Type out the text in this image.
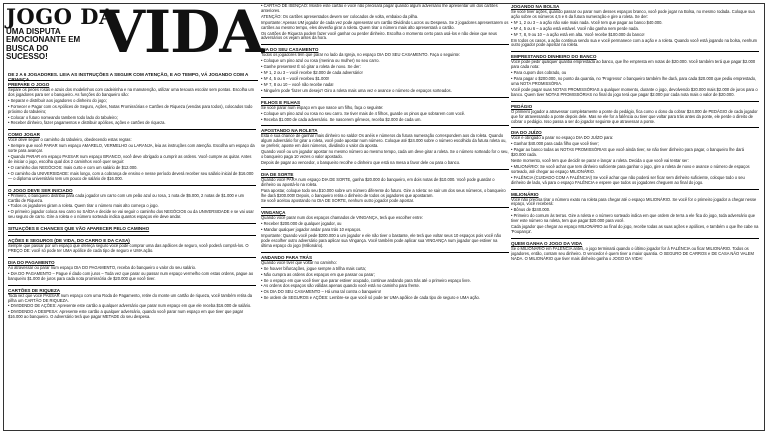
JOGO DA
UMA DISPUTA EMOCIONANTE EM BUSCA DO SUCESSO! VIDA
DE 2 A 6 JOGADORES. LEIA AS INSTRUÇÕES A SEGUIR COM ATENÇÃO, E AO TEMPO, VÁ JOGANDO COM A
PREPARE O JOGO
Separe os peões rosas e azuis dos modelinhos com cadeirinha e na manutenção, utilizar uma tesoura escolar sem pontas. Escolha um dos jogadores para ser o banqueiro. As funções do banqueiro são:
• Separar e distribuir aos jogadores o dinheiro do jogo;
• Fornecer e Pagar com os Apólices de Seguro, Ações, Notas Promissórias e Cartões de Riqueza (vendas para todos), colocados todo próximo do tabuleiro;
• Colocar o futuro nomeando tambem todo lado do tabuleiro;
• Receber dinheiro, fazer pagamentos e distribuir apólices, ações e cartões de riqueza.
COMO JOGAR
Você deve seguir o caminho do tabuleiro, obedecendo estas regras:
• Sempre que você PARAR num espaço AMARELO, VERMELHO ou LARANJA, leia as instruções com atenção. Escolha um espaço da sorte para avançar.
• Quando PARAR em espaço PASSAR num espaço BRANCO, você deve obrigado a cumprir as ordens. Você cumpre as quitar. Antes de iniciar o jogo, escolha qual dos 2 caminhos você quer seguir:
• O caminho dos NEGÓCIOS: mais curto e com um salário de $12.000.
• O caminho da UNIVERSIDADE: mais longo, com a cobrança de ensino e nesse período deverá receber seu salário inicial de $16.000 — o diploma universitário tem um pouco de salário de $16.000.
O JOGO DEVE SER INICIADO
• Primeiro, o banqueiro distribui para cada jogador um carro com um peão azul ou rosa, 1 nota de $5.000, 2 notas de $1.000 e um Cartão de Riqueza.
• Todos os jogadores giram a roleta. Quem tirar o número mais alto começa o jogo.
• O primeiro jogador coloca seu carro no SAÍDA e decide se vai seguir o caminho dos NEGÓCIOS ou da UNIVERSIDADE e se vai usar seu seguro de carro. Gire a roleta e o número sorteado indica quantos espaços ele deve andar.
SITUAÇÕES E CHANCES QUE VÃO APARECER PELO CAMINHO
AÇÕES E SEGUROS (DE VIDA, DO CARRO E DA CASA)
Sempre que passar por um espaço que ofereça seguro você pode comprar uma das apólices de seguro, você poderá comprá-los. O PREÇO DE: você só pode ter UMA apólice de cada tipo de seguro e UMA ação.
DIA DO PAGAMENTO
Ao atravessar ou parar num espaço DIA DO PAGAMENTO, receba do banqueiro o valor do seu salário.
• DIA DO PAGAMENTO – Pague é dado com juros – Toda vez que parar ou passar num espaço vermelho com estas ordens, pague ao banqueiro $1.000 de juros para cada nota promissória de $20.000 que você tiver.
CARTÕES DE RIQUEZA
Toda vez que você PASSAR num espaço com uma Roda de Pagamento, retire do monte um cartão de riqueza, você também retira da pilha um CARTÃO DE RIQUEZA.
• DIVIDENDO DE AÇÕES: Apresente este cartão a qualquer adversário que parar num espaço em que ele receba $16.000 de salário.
• DIVIDENDO A DESPESA: Apresente este cartão a qualquer adversário, quando você parar num espaço em que tiver que pagar $16.000 ao banqueiro. O adversário terá que pagar METADE do seu despesa.
• CARTÃO DE ISENÇÃO: Mostre este cartão e você não precisará pagar quando algum adversário lhe apresentar um dos cartões anteriores.
ATENÇÃO: Os cartões apresentados devem ser colocados de volta, embaixo da pilha.
Importante: Apenas UM jogador de cada vez pode apresentar um cartão Dividindo Lucros ou Despesa. Se 2 jogadores apresentarem os cartões ao mesmo tempo, eles deverão girar a roleta. Quem tirar o número mais alto apresentará o cartão.
Os cartões de Riqueza podem fazer você ganhar ou perder dinheiro. Escolha o momento certo para usá-los e não deixe que seus adversários os vejam antes da hora.
DIA DO SEU CASAMENTO
Todos os jogadores têm que parar no lado da Igreja, no espaço DIA DO SEU CASAMENTO. Faça o seguinte:
• Coloque um pino azul ou rosa (menina ou mulher) no seu carro.
• Ganhe presentes! É só girar a roleta de novo. Se der:
• Nº 1, 2 ou 3 – você recebe $2.000 de cada adversário!
• Nº 4, 5 ou 6 – você recebeu $1.000!
• Nº 7, 8 ou 10 – você não recebe nada!
• Ninguém pode 'fazer um desejo'! Giro a roleta mais uma vez e avance o número de espaços sorteados.
FILHOS E FILHAS
Se você parar num espaço em que nasce um filho, faça o seguinte:
• Coloque um pino azul ou rosa no seu carro. Se tiver mais de 4 filhos, guarde os pinos que sobrarem com você.
• Receba $1.000 de cada adversário. Se nascerem gêmeos, receba $2.000 de cada um.
APOSTANDO NA ROLETA
Esta é sua chance de ganhar mais dinheiro no saldo! Os anéis e números da futura numeração correspondem aos da roleta. Quando algum adversário for girar a roleta, você pode apostar num número. Coloque até $24.000 sobre o número escolhido da futura roleta ou, se preferir, aposte em dois números, dividindo o valor da aposta.
Quando você ou um jogador apostar no mesmo número ao mesmo tempo, cada um deve girar a roleta. Se o número sorteado for o seu, o banqueiro paga 10 vezes o valor apostado.
Depois de pagar ao vencedor, o banqueiro recolhe o dinheiro que está na mesa a favor dele ou para o banco.
DIA DE SORTE
Quando você PARA num espaço DIA DE SORTE, ganha $20.000 do banqueiro, em dois notas de $10.000. Você pode guardar o dinheiro ou apostá-lo na roleta.
Para apostar, coloque todo seu $10.000 sobre um número diferente do futuro. Gire a roleta: se sair um dos seus números, o banqueiro lhe dará $200.000! Depois, o banqueiro retira o dinheiro de todos os jogadores que apostaram.
Se você aceitou apostando no DIA DE SORTE, nenhum outro jogador pode apostar.
VINGANÇA
Quando você parar num dos espaços chamados de VINGANÇA, terá que escolher entre:
• Receber $200.000 de qualquer jogador, ou
• Mandar qualquer jogador andar para trás 10 espaços.
Importante: Quando você pede $200.000 a um jogador e ele não tiver o bastante, ele terá que voltar seus 10 espaços pois você não pode escolher outro adversário para aplicar sua Vingança. Você também pode aplicar sua VINGANÇA num jogador que estiver na última espaço do jogo (Milionário).
ANDANDO PARA TRÁS
Quando você tiver que voltar no caminho:
• Se houver bifurcações, jogue sempre a trilha mais curta;
• Não cumpra as ordens dos espaços em que passar ou parar;
• Se o espaço em que você tiver que parar estiver ocupado, continue andando para trás até o primeiro espaço livre.
• As ordens dos espaços são válidas apenas quando você está no caminho para frente.
• Os DIA DO SEU CASAMENTO – Há uma tal contra o banqueiro!
• Se ordem de SEGUROS e AÇÕES: Lembre-se que você só pode ter UMA apólice de cada tipo de seguro e UMA ação.
JOGANDO NA BOLSA
Se você tiver ações, quando passar ou parar num desses espaços branco, você pode jogar na Bolsa, no mesmo rodada. Coloque sua ação sobre os números 4,5 e 6 da futura numeração e gire a roleta. Se der:
• Nº 1, 2 ou 3 – a ação não vale mais nada. Você tem que pagar ao banco $40.000.
• Nº 4, 5 ou 6 – a ação está estável. Você não ganha nem perde nada.
• Nº 7, 8, 9 ou 10 – a ação está em alta. Você recebe $100.000 do banco!
Em todos os casos, a ação continua sendo sua e você permanece com a ação e a roleta. Quando você está jogando na bolsa, nenhum outro jogador pode apostar na roleta.
EMPRESTANDO DINHEIRO DO BANCO
Você pode pedir qualquer quantia emprestada ao banco, que lhe empresta em notas de $20.000. Você também terá que pagar $2.000 para cada nota:
• Para cupom dos cobrado, ou
• Para pagar o $200.000, no ponto da quantia, no 'Progresso' o banqueiro também lhe dará, para cada $20.000 que pediu emprestado, uma NOTA PROMISSÓRIA.
Você pode pagar suas NOTAS PROMISSÓRIAS a qualquer momento, durante o jogo, devolvendo $20.000 mais $2.000 de juros para o banco. Quem tiver NOTAS PROMISSÓRIAS no final do jogo terá que pagar $2.000 por cada nota mais o valor de $20.000.
PEDÁGIO
O primeiro jogador a atravessar completamente a ponte do pedágio, fica como o dono da cobrar $24.000 de PEDÁGIO de cada jogador que for atravessando a ponte depois dele. Mas se ele for a falência ou tiver que voltar para trás antes da ponte, ele perde o direito de cobrar o pedágio. Isso passa a ser do jogador seguinte que atravessar a ponte.
DIA DO JUÍZO
Você é obrigado a parar no espaço DIA DO JUÍZO para:
• Ganhar $40.000 para cada filho que você tiver;
• Pagar ao banco todas as NOTAS PROMISSÓRIAS que você ainda tiver, se não tiver dinheiro para pagar, o banqueiro lhe dará $20.000 cada.
Neste momento, você tem que decidir se parar e lançar a roleta. Decida o que você vai tentar ser:
• MILIONÁRIO: Se você achar que tem dinheiro suficiente para ganhar o jogo, gire a roleta de novo e avance o número de espaços sorteado, até chegar ao espaço MILIONÁRIO.
• FALÊNCIA (CUIDADO COM A FALÊNCIA!) Se você achar que não poderá ser ficar sem dinheiro suficiente, coloque todo o seu dinheiro de lado, vá para o espaço FALÊNCIA e espere que todos os jogadores cheguem ao final do jogo.
MILIONÁRIO
Você não precisa tirar o número exato na roleta para chegar até o espaço MILIONÁRIO. Se você for o primeiro jogador a chegar nesse espaço, você receberá:
• Bônus de $240.000.
• Primeiro do comum às terras. Gire a roleta e o número sorteado indica em que ordem de terra a ele fica do jogo, toda adversário que tiver este número na roleta, tem que pagar $20.000 para você.
Cada jogador que chegar ao espaço MILIONÁRIO ao final do jogo, recebe todas as suas ações e apólices, e também o que lhe cabe na 'Poupança'.
QUEM GANHA O JOGO DA VIDA
Se o MILIONÁRIO em FALÊNCIA antes, o jogo terminará quando o último jogador for à FALÊNCIA ou ficar MILIONÁRIO. Todos os jogadores, então, contam seu dinheiro. O vencedor é quem tiver a maior quantia. O SEGURO DE CARROS e DE CASA NÃO VALEM NADA. O MILIONÁRIO que tiver mais dinheiro ganha o JOGO DA VIDA!
